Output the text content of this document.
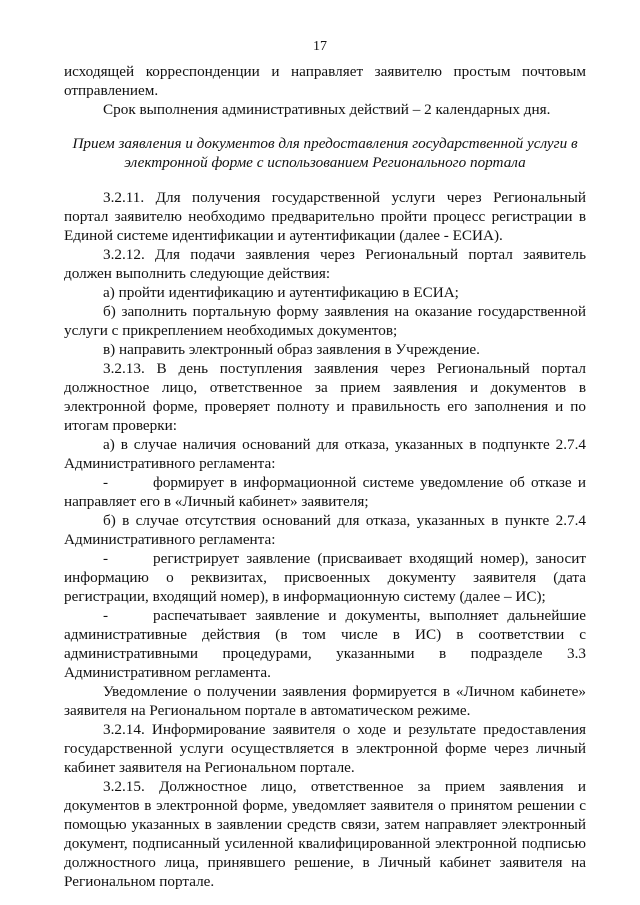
17

исходящей корреспонденции и направляет заявителю простым почтовым отправлением.

Срок выполнения административных действий – 2 календарных дня.

Прием заявления и документов для предоставления государственной услуги в электронной форме с использованием Регионального портала

3.2.11. Для получения государственной услуги через Региональный портал заявителю необходимо предварительно пройти процесс регистрации в Единой системе идентификации и аутентификации (далее - ЕСИА).

3.2.12. Для подачи заявления через Региональный портал заявитель должен выполнить следующие действия:

а) пройти идентификацию и аутентификацию в ЕСИА;

б) заполнить портальную форму заявления на оказание государственной услуги с прикреплением необходимых документов;

в) направить электронный образ заявления в Учреждение.

3.2.13. В день поступления заявления через Региональный портал должностное лицо, ответственное за прием заявления и документов в электронной форме, проверяет полноту и правильность его заполнения и по итогам проверки:

а) в случае наличия оснований для отказа, указанных в подпункте 2.7.4 Административного регламента:

-	формирует в информационной системе уведомление об отказе и направляет его в «Личный кабинет» заявителя;

б) в случае отсутствия оснований для отказа, указанных в пункте 2.7.4 Административного регламента:

-	регистрирует заявление (присваивает входящий номер), заносит информацию о реквизитах, присвоенных документу заявителя (дата регистрации, входящий номер), в информационную систему (далее – ИС);

-	распечатывает заявление и документы, выполняет дальнейшие административные действия (в том числе в ИС) в соответствии с административными процедурами, указанными в подразделе 3.3 Административном регламента.

Уведомление о получении заявления формируется в «Личном кабинете» заявителя на Региональном портале в автоматическом режиме.

3.2.14. Информирование заявителя о ходе и результате предоставления государственной услуги осуществляется в электронной форме через личный кабинет заявителя на Региональном портале.

3.2.15. Должностное лицо, ответственное за прием заявления и документов в электронной форме, уведомляет заявителя о принятом решении с помощью указанных в заявлении средств связи, затем направляет электронный документ, подписанный усиленной квалифицированной электронной подписью должностного лица, принявшего решение, в Личный кабинет заявителя на Региональном портале.
